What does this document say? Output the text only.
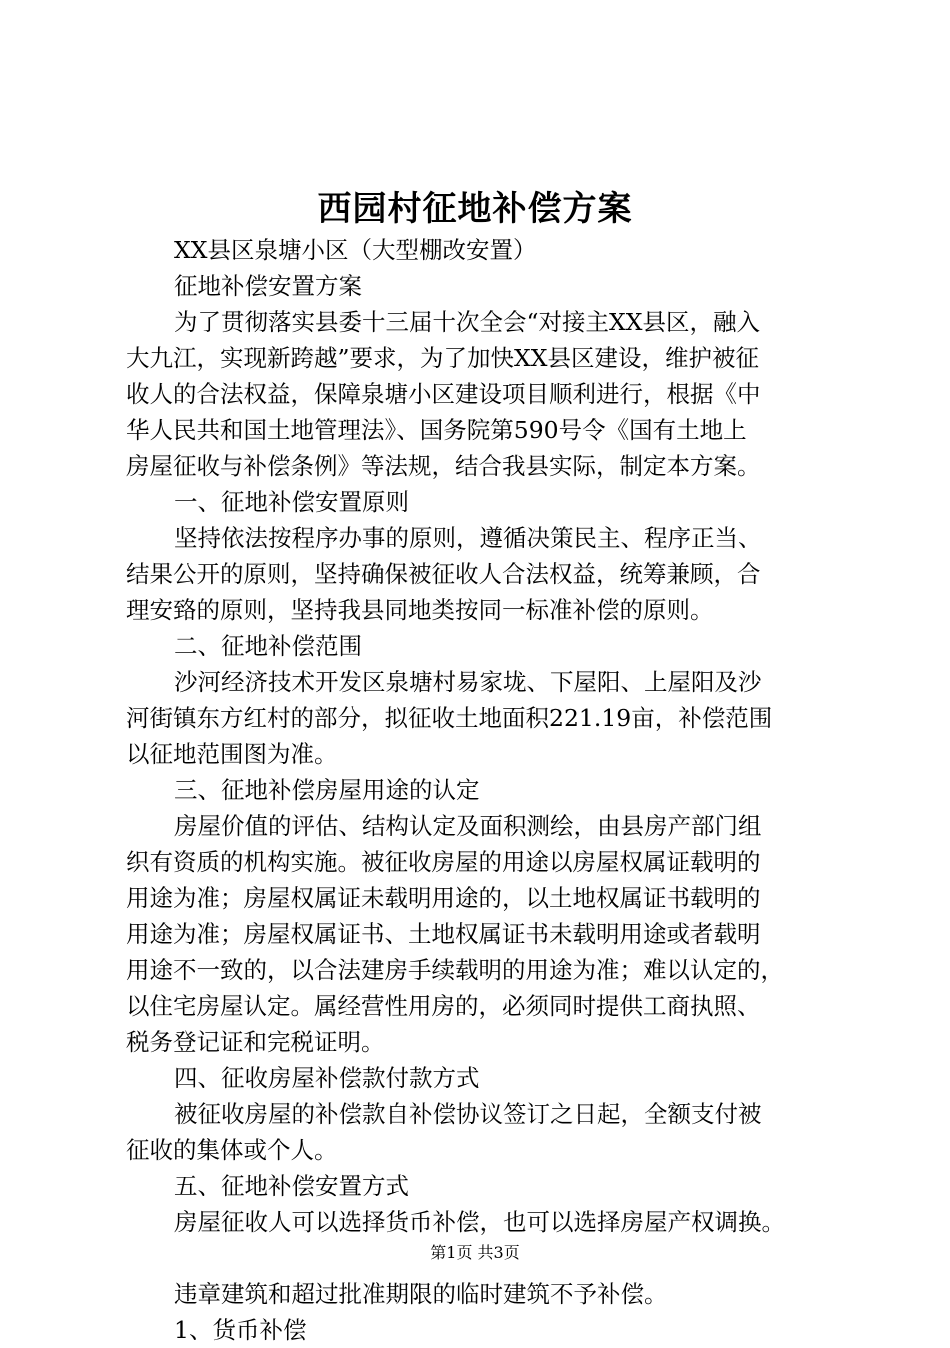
西园村征地补偿方案
XX县区泉塘小区（大型棚改安置）
征地补偿安置方案
为了贯彻落实县委十三届十次全会“对接主XX县区，融入
大九江，实现新跨越”要求，为了加快XX县区建设，维护被征
收人的合法权益，保障泉塘小区建设项目顺利进行，根据《中
华人民共和国土地管理法》、国务院第590号令《国有土地上
房屋征收与补偿条例》等法规，结合我县实际，制定本方案。
一、征地补偿安置原则
坚持依法按程序办事的原则，遵循决策民主、程序正当、
结果公开的原则，坚持确保被征收人合法权益，统筹兼顾，合
理安臵的原则，坚持我县同地类按同一标准补偿的原则。
二、征地补偿范围
沙河经济技术开发区泉塘村易家垅、下屋阳、上屋阳及沙
河街镇东方红村的部分，拟征收土地面积221.19亩，补偿范围
以征地范围图为准。
三、征地补偿房屋用途的认定
房屋价值的评估、结构认定及面积测绘，由县房产部门组
织有资质的机构实施。被征收房屋的用途以房屋权属证载明的
用途为准；房屋权属证未载明用途的，以土地权属证书载明的
用途为准；房屋权属证书、土地权属证书未载明用途或者载明
用途不一致的，以合法建房手续载明的用途为准；难以认定的，
以住宅房屋认定。属经营性用房的，必须同时提供工商执照、
税务登记证和完税证明。
四、征收房屋补偿款付款方式
被征收房屋的补偿款自补偿协议签订之日起，全额支付被
征收的集体或个人。
五、征地补偿安置方式
房屋征收人可以选择货币补偿，也可以选择房屋产权调换。
违章建筑和超过批准期限的临时建筑不予补偿。
1、货币补偿
第1页 共3页
